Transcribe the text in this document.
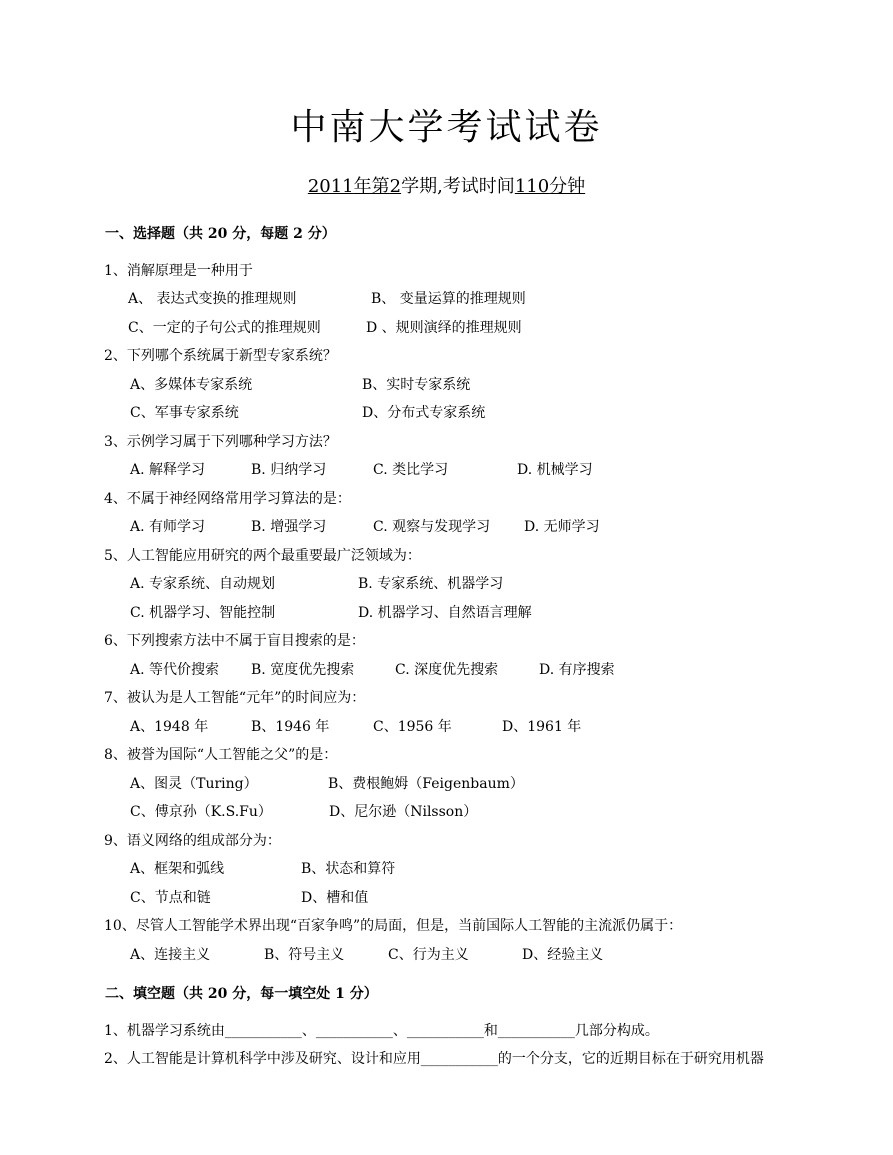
中南大学考试试卷
2011年第2学期,考试时间110分钟
一、选择题（共 20 分，每题 2 分）
1、消解原理是一种用于
A、 表达式变换的推理规则	B、 变量运算的推理规则
C、一定的子句公式的推理规则	D 、规则演绎的推理规则
2、下列哪个系统属于新型专家系统？
A、多媒体专家系统	B、实时专家系统
C、军事专家系统	D、分布式专家系统
3、示例学习属于下列哪种学习方法？
A. 解释学习	B. 归纳学习	C. 类比学习	D. 机械学习
4、不属于神经网络常用学习算法的是：
A. 有师学习	B. 增强学习	C. 观察与发现学习 D. 无师学习
5、人工智能应用研究的两个最重要最广泛领域为：
A. 专家系统、自动规划	B. 专家系统、机器学习
C. 机器学习、智能控制	D. 机器学习、自然语言理解
6、下列搜索方法中不属于盲目搜索的是：
A. 等代价搜索 B. 宽度优先搜索	C. 深度优先搜索	D. 有序搜索
7、被认为是人工智能“元年”的时间应为：
A、1948 年	B、1946 年	C、1956 年	D、1961 年
8、被誉为国际“人工智能之父”的是：
A、图灵（Turing）	B、费根鲍姆（Feigenbaum）
C、傅京孙（K.S.Fu）	D、尼尔逊（Nilsson）
9、语义网络的组成部分为：
A、框架和弧线	B、状态和算符
C、节点和链	D、槽和值
10、尽管人工智能学术界出现“百家争鸣”的局面，但是，当前国际人工智能的主流派仍属于：
A、连接主义	B、符号主义	C、行为主义	D、经验主义
二、填空题（共 20 分，每一填空处 1 分）
1、机器学习系统由___________、___________、___________和___________几部分构成。
2、人工智能是计算机科学中涉及研究、设计和应用___________的一个分支，它的近期目标在于研究用机器
